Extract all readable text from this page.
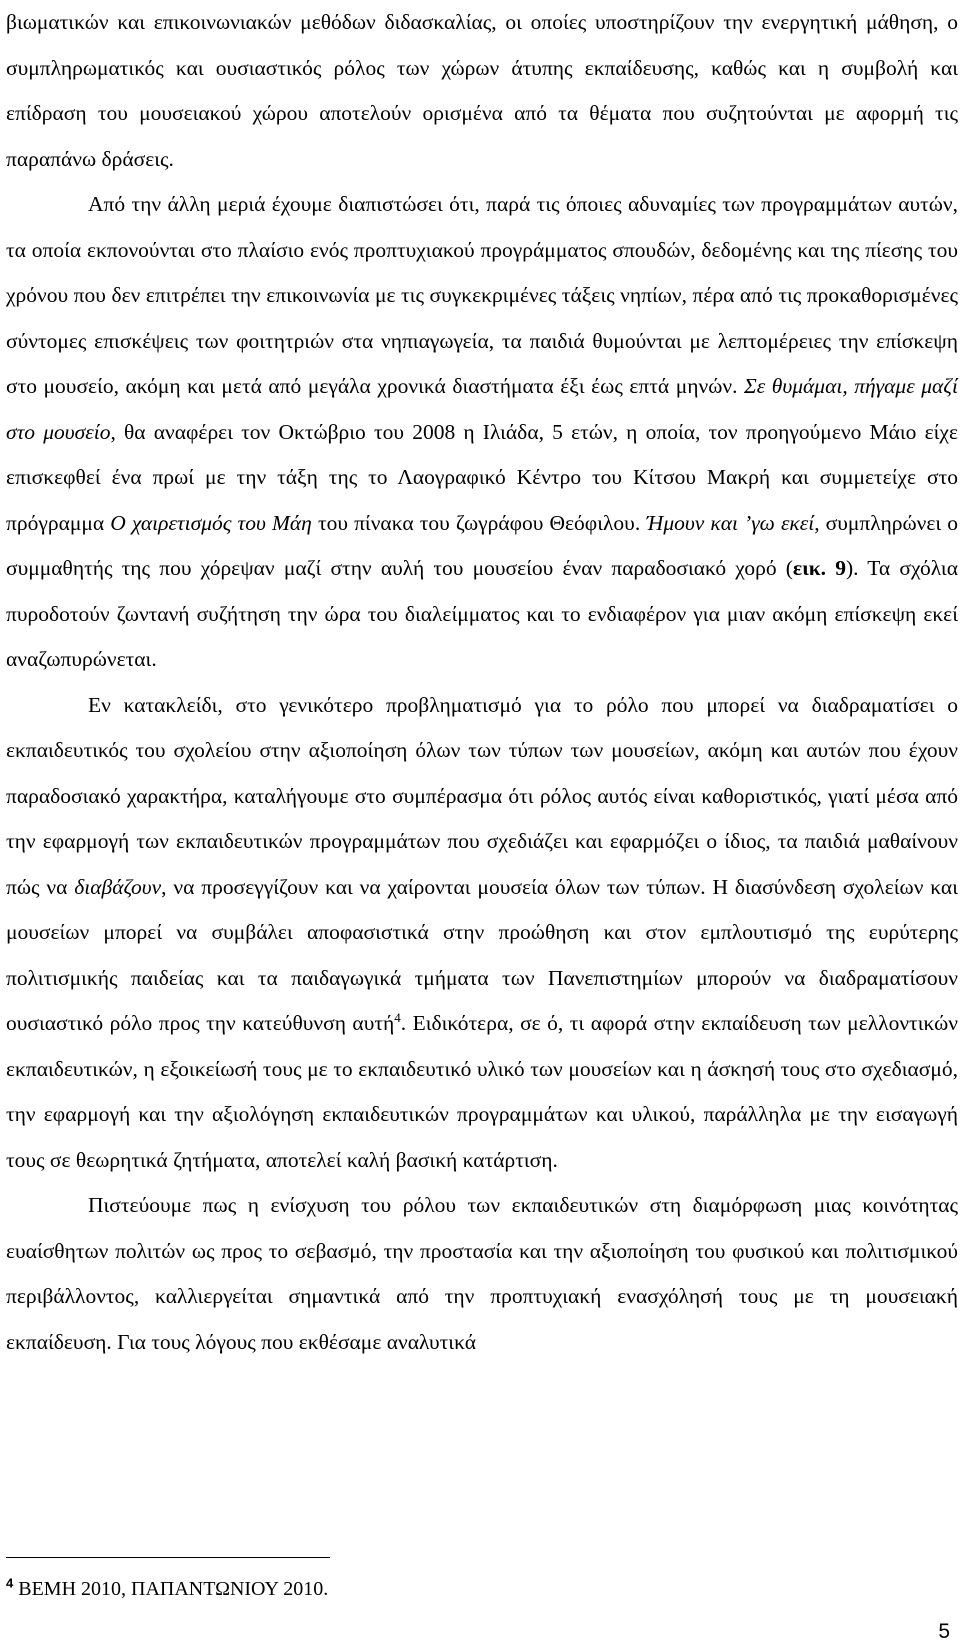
βιωματικών και επικοινωνιακών μεθόδων διδασκαλίας, οι οποίες υποστηρίζουν την ενεργητική μάθηση, ο συμπληρωματικός και ουσιαστικός ρόλος των χώρων άτυπης εκπαίδευσης, καθώς και η συμβολή και επίδραση του μουσειακού χώρου αποτελούν ορισμένα από τα θέματα που συζητούνται με αφορμή τις παραπάνω δράσεις.

Από την άλλη μεριά έχουμε διαπιστώσει ότι, παρά τις όποιες αδυναμίες των προγραμμάτων αυτών, τα οποία εκπονούνται στο πλαίσιο ενός προπτυχιακού προγράμματος σπουδών, δεδομένης και της πίεσης του χρόνου που δεν επιτρέπει την επικοινωνία με τις συγκεκριμένες τάξεις νηπίων, πέρα από τις προκαθορισμένες σύντομες επισκέψεις των φοιτητριών στα νηπιαγωγεία, τα παιδιά θυμούνται με λεπτομέρειες την επίσκεψη στο μουσείο, ακόμη και μετά από μεγάλα χρονικά διαστήματα έξι έως επτά μηνών. Σε θυμάμαι, πήγαμε μαζί στο μουσείο, θα αναφέρει τον Οκτώβριο του 2008 η Ιλιάδα, 5 ετών, η οποία, τον προηγούμενο Μάιο είχε επισκεφθεί ένα πρωί με την τάξη της το Λαογραφικό Κέντρο του Κίτσου Μακρή και συμμετείχε στο πρόγραμμα Ο χαιρετισμός του Μάη του πίνακα του ζωγράφου Θεόφιλου. Ήμουν και ’γω εκεί, συμπληρώνει ο συμμαθητής της που χόρεψαν μαζί στην αυλή του μουσείου έναν παραδοσιακό χορό (εικ. 9). Τα σχόλια πυροδοτούν ζωντανή συζήτηση την ώρα του διαλείμματος και το ενδιαφέρον για μιαν ακόμη επίσκεψη εκεί αναζωπυρώνεται.

Εν κατακλείδι, στο γενικότερο προβληματισμό για το ρόλο που μπορεί να διαδραματίσει ο εκπαιδευτικός του σχολείου στην αξιοποίηση όλων των τύπων των μουσείων, ακόμη και αυτών που έχουν παραδοσιακό χαρακτήρα, καταλήγουμε στο συμπέρασμα ότι ρόλος αυτός είναι καθοριστικός, γιατί μέσα από την εφαρμογή των εκπαιδευτικών προγραμμάτων που σχεδιάζει και εφαρμόζει ο ίδιος, τα παιδιά μαθαίνουν πώς να διαβάζουν, να προσεγγίζουν και να χαίρονται μουσεία όλων των τύπων. Η διασύνδεση σχολείων και μουσείων μπορεί να συμβάλει αποφασιστικά στην προώθηση και στον εμπλουτισμό της ευρύτερης πολιτισμικής παιδείας και τα παιδαγωγικά τμήματα των Πανεπιστημίων μπορούν να διαδραματίσουν ουσιαστικό ρόλο προς την κατεύθυνση αυτή$^4$. Ειδικότερα, σε ό, τι αφορά στην εκπαίδευση των μελλοντικών εκπαιδευτικών, η εξοικείωσή τους με το εκπαιδευτικό υλικό των μουσείων και η άσκησή τους στο σχεδιασμό, την εφαρμογή και την αξιολόγηση εκπαιδευτικών προγραμμάτων και υλικού, παράλληλα με την εισαγωγή τους σε θεωρητικά ζητήματα, αποτελεί καλή βασική κατάρτιση.

Πιστεύουμε πως η ενίσχυση του ρόλου των εκπαιδευτικών στη διαμόρφωση μιας κοινότητας ευαίσθητων πολιτών ως προς το σεβασμό, την προστασία και την αξιοποίηση του φυσικού και πολιτισμικού περιβάλλοντος, καλλιεργείται σημαντικά από την προπτυχιακή ενασχόλησή τους με τη μουσειακή εκπαίδευση. Για τους λόγους που εκθέσαμε αναλυτικά

$^4$ ΒΕΜΗ 2010, ΠΑΠΑΝΤΩΝΙΟΥ 2010.
5
